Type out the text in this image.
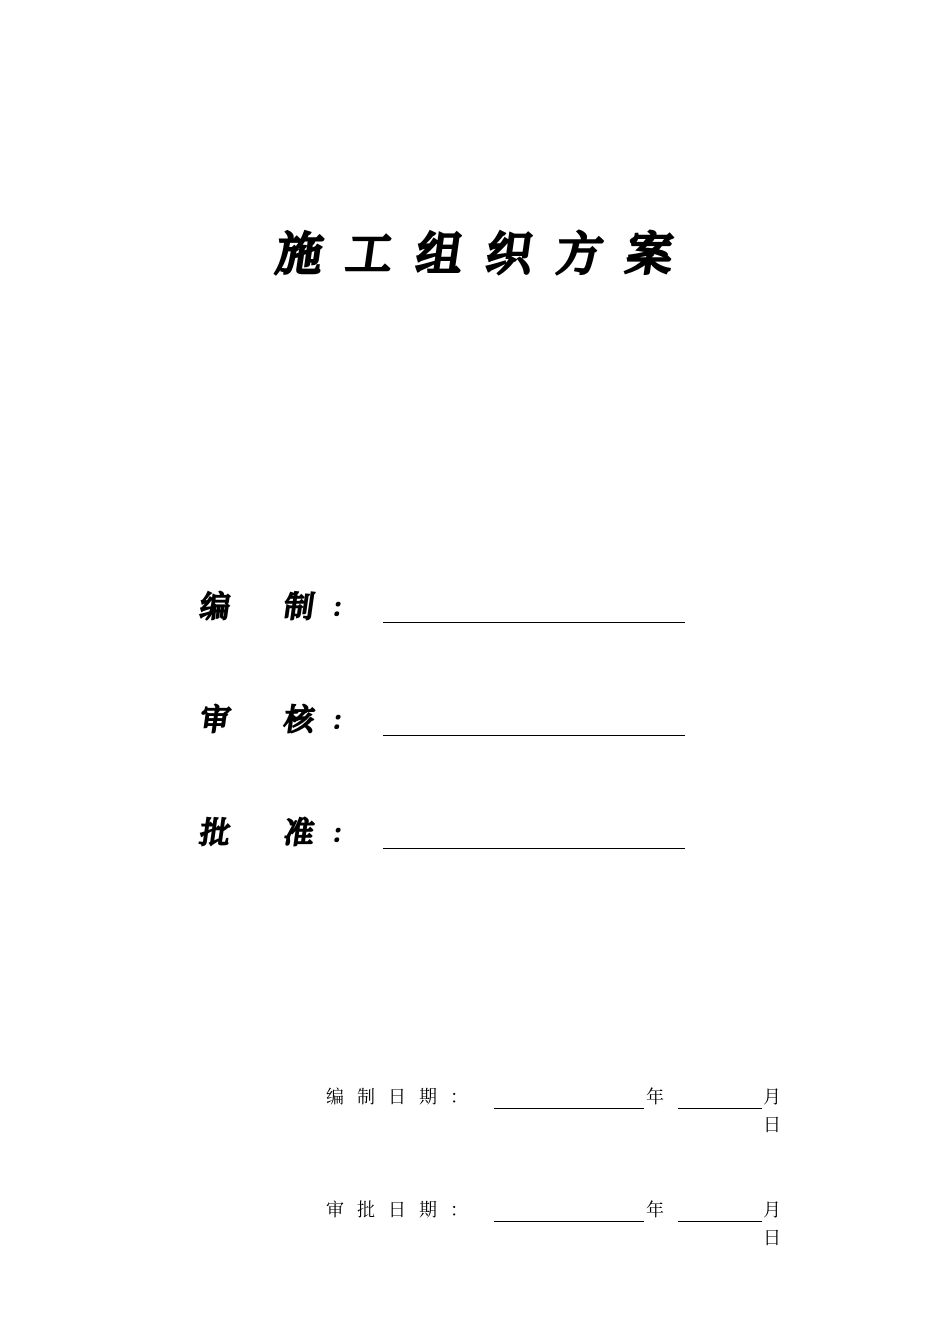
施工组织方案
编 制 ：
审 核 ：
批 准 ：
编制日期：	年	月
日
审批日期：	年	月
日
